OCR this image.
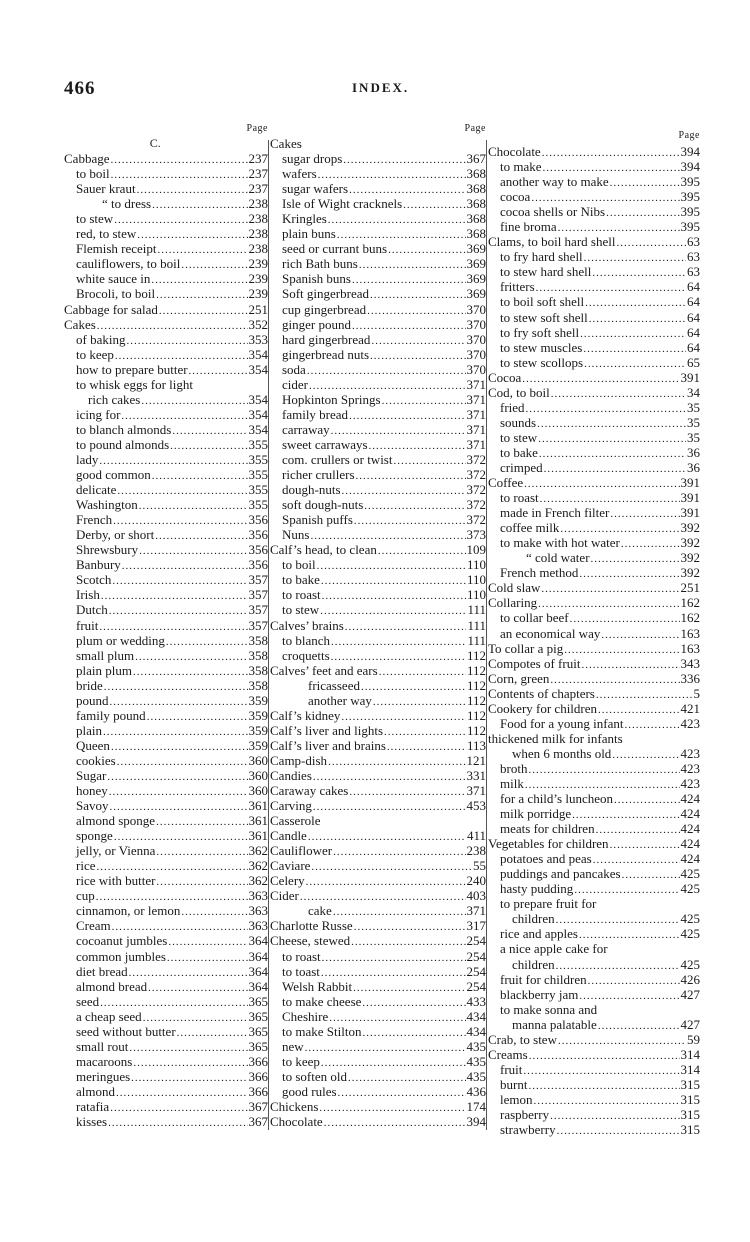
466	INDEX.
Page
C.
Cabbage .....	237
to boil .....	237
Sauer kraut .....	237
“ to dress .....	238
to stew .....	238
red, to stew .....	238
Flemish receipt .....	238
cauliflowers, to boil .....	239
white sauce in .....	239
Brocoli, to boil .....	239
Cabbage for salad .....	251
Cakes .....	352
of baking .....	353
to keep .....	354
how to prepare butter .....	354
to whisk eggs for light
rich cakes .....	354
icing for .....	354
to blanch almonds .....	354
to pound almonds .....	355
lady .....	355
good common .....	355
delicate .....	355
Washington .....	355
French .....	356
Derby, or short .....	356
Shrewsbury .....	356
Banbury .....	356
Scotch .....	357
Irish .....	357
Dutch .....	357
fruit .....	357
plum or wedding .....	358
small plum .....	358
plain plum .....	358
bride .....	358
pound .....	359
family pound .....	359
plain .....	359
Queen .....	359
cookies .....	360
Sugar .....	360
honey .....	360
Savoy .....	361
almond sponge .....	361
sponge .....	361
jelly, or Vienna .....	362
rice .....	362
rice with butter .....	362
cup .....	363
cinnamon, or lemon .....	363
Cream .....	363
cocoanut jumbles .....	364
common jumbles .....	364
diet bread .....	364
almond bread .....	364
seed .....	365
a cheap seed .....	365
seed without butter .....	365
small rout .....	365
macaroons .....	366
meringues .....	366
almond .....	366
ratafia .....	367
kisses .....	367
Page
Cakes
sugar drops .....	367
wafers .....	368
sugar wafers .....	368
Isle of Wight cracknels .....	368
Kringles .....	368
plain buns .....	368
seed or currant buns .....	369
rich Bath buns .....	369
Spanish buns .....	369
Soft gingerbread .....	369
cup gingerbread .....	370
ginger pound .....	370
hard gingerbread .....	370
gingerbread nuts .....	370
soda .....	370
cider .....	371
Hopkinton Springs .....	371
family bread .....	371
carraway .....	371
sweet carraways .....	371
com. crullers or twist .....	372
richer crullers .....	372
dough-nuts .....	372
soft dough-nuts .....	372
Spanish puffs .....	372
Nuns .....	373
Calf’s head, to clean .....	109
to boil .....	110
to bake .....	110
to roast .....	110
to stew .....	111
Calves’ brains .....	111
to blanch .....	111
croquetts .....	112
Calves’ feet and ears .....	112
fricasseed .....	112
another way .....	112
Calf’s kidney .....	112
Calf’s liver and lights .....	112
Calf’s liver and brains .....	113
Camp-dish .....	121
Candies .....	331
Caraway cakes .....	371
Carving .....	453
Casserole
Candle .....	411
Cauliflower .....	238
Caviare .....	55
Celery .....	240
Cider .....	403
cake .....	371
Charlotte Russe .....	317
Cheese, stewed .....	254
to roast .....	254
to toast .....	254
Welsh Rabbit .....	254
to make cheese .....	433
Cheshire .....	434
to make Stilton .....	434
new .....	435
to keep .....	435
to soften old .....	435
good rules .....	436
Chickens .....	174
Chocolate .....	394
Page
Chocolate .....	394
to make .....	394
another way to make .....	395
cocoa .....	395
cocoa shells or Nibs .....	395
fine broma .....	395
Clams, to boil hard shell .....	63
to fry hard shell .....	63
to stew hard shell .....	63
fritters .....	64
to boil soft shell .....	64
to stew soft shell .....	64
to fry soft shell .....	64
to stew muscles .....	64
to stew scollops .....	65
Cocoa .....	391
Cod, to boil .....	34
fried .....	35
sounds .....	35
to stew .....	35
to bake .....	36
crimped .....	36
Coffee .....	391
to roast .....	391
made in French filter .....	391
coffee milk .....	392
to make with hot water .....	392
“ cold water .....	392
French method .....	392
Cold slaw .....	251
Collaring .....	162
to collar beef .....	162
an economical way .....	163
To collar a pig .....	163
Compotes of fruit .....	343
Corn, green .....	336
Contents of chapters .....	5
Cookery for children .....	421
Food for a young infant .....	423
thickened milk for infants
when 6 months old .....	423
broth .....	423
milk .....	423
for a child’s luncheon .....	424
milk porridge .....	424
meats for children .....	424
Vegetables for children .....	424
potatoes and peas .....	424
puddings and pancakes .....	425
hasty pudding .....	425
to prepare fruit for
children .....	425
rice and apples .....	425
a nice apple cake for
children .....	425
fruit for children .....	426
blackberry jam .....	427
to make sonna and
manna palatable .....	427
Crab, to stew .....	59
Creams .....	314
fruit .....	314
burnt .....	315
lemon .....	315
raspberry .....	315
strawberry .....	315
